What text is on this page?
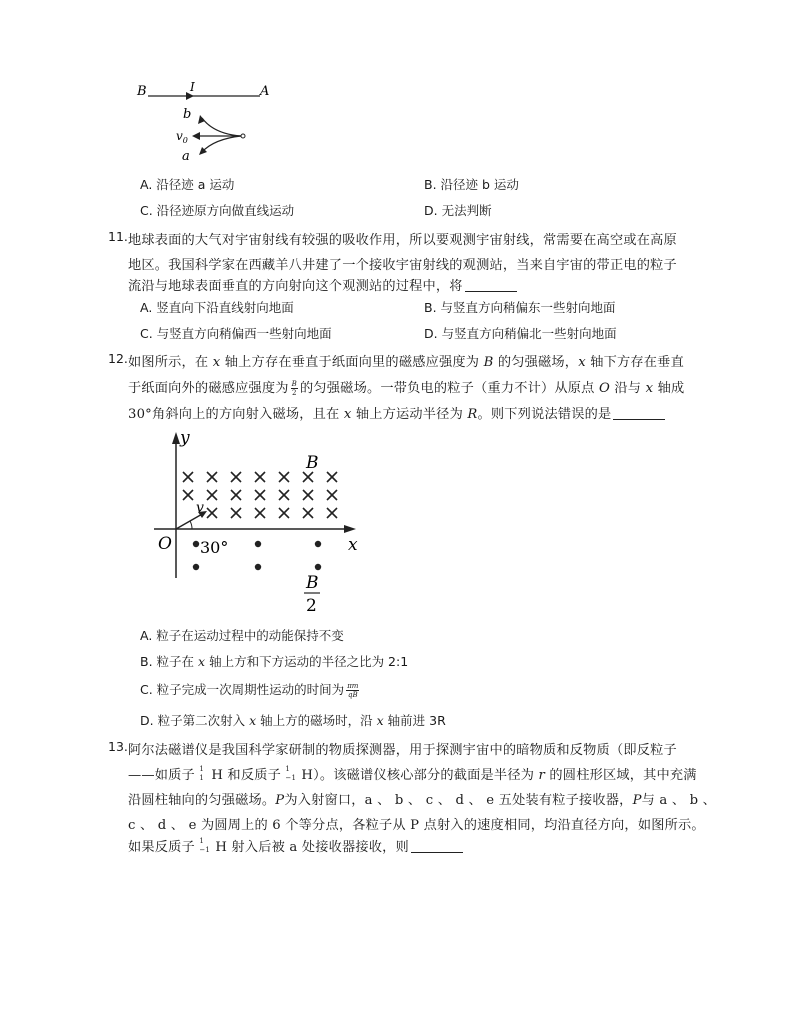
B	I	A
b
$v_0$
a
A. 沿径迹 a 运动	B. 沿径迹 b 运动
C. 沿径迹原方向做直线运动	D. 无法判断
11. 地球表面的大气对宇宙射线有较强的吸收作用，所以要观测宇宙射线，常需要在高空或在高原
地区。我国科学家在西藏羊八井建了一个接收宇宙射线的观测站，当来自宇宙的带正电的粒子
流沿与地球表面垂直的方向射向这个观测站的过程中，将
A. 竖直向下沿直线射向地面	B. 与竖直方向稍偏东一些射向地面
C. 与竖直方向稍偏西一些射向地面	D. 与竖直方向稍偏北一些射向地面
12. 如图所示，在 x 轴上方存在垂直于纸面向里的磁感应强度为 B 的匀强磁场，x 轴下方存在垂直
于纸面向外的磁感应强度为 $\frac{B}{2}$ 的匀强磁场。一带负电的粒子（重力不计）从原点 O 沿与 x 轴成
30°角斜向上的方向射入磁场，且在 x 轴上方运动半径为 R。则下列说法错误的是
y
x
O
B
v
30°
B
2
A. 粒子在运动过程中的动能保持不变
B. 粒子在 x 轴上方和下方运动的半径之比为 2:1
C. 粒子完成一次周期性运动的时间为 $\frac{\pi m}{qB}$
D. 粒子第二次射入 x 轴上方的磁场时，沿 x 轴前进 3R
13. 阿尔法磁谱仪是我国科学家研制的物质探测器，用于探测宇宙中的暗物质和反物质（即反粒子
——如质子 1
1 H 和反质子 1
−1 H）。该磁谱仪核心部分的截面是半径为 r 的圆柱形区域，其中充满
沿圆柱轴向的匀强磁场。P为入射窗口，a 、 b 、 c 、 d 、 e 五处装有粒子接收器，P与 a 、 b 、
c 、 d 、 e 为圆周上的 6 个等分点，各粒子从 P 点射入的速度相同，均沿直径方向，如图所示。
如果反质子 1
−1 H 射入后被 a 处接收器接收，则
